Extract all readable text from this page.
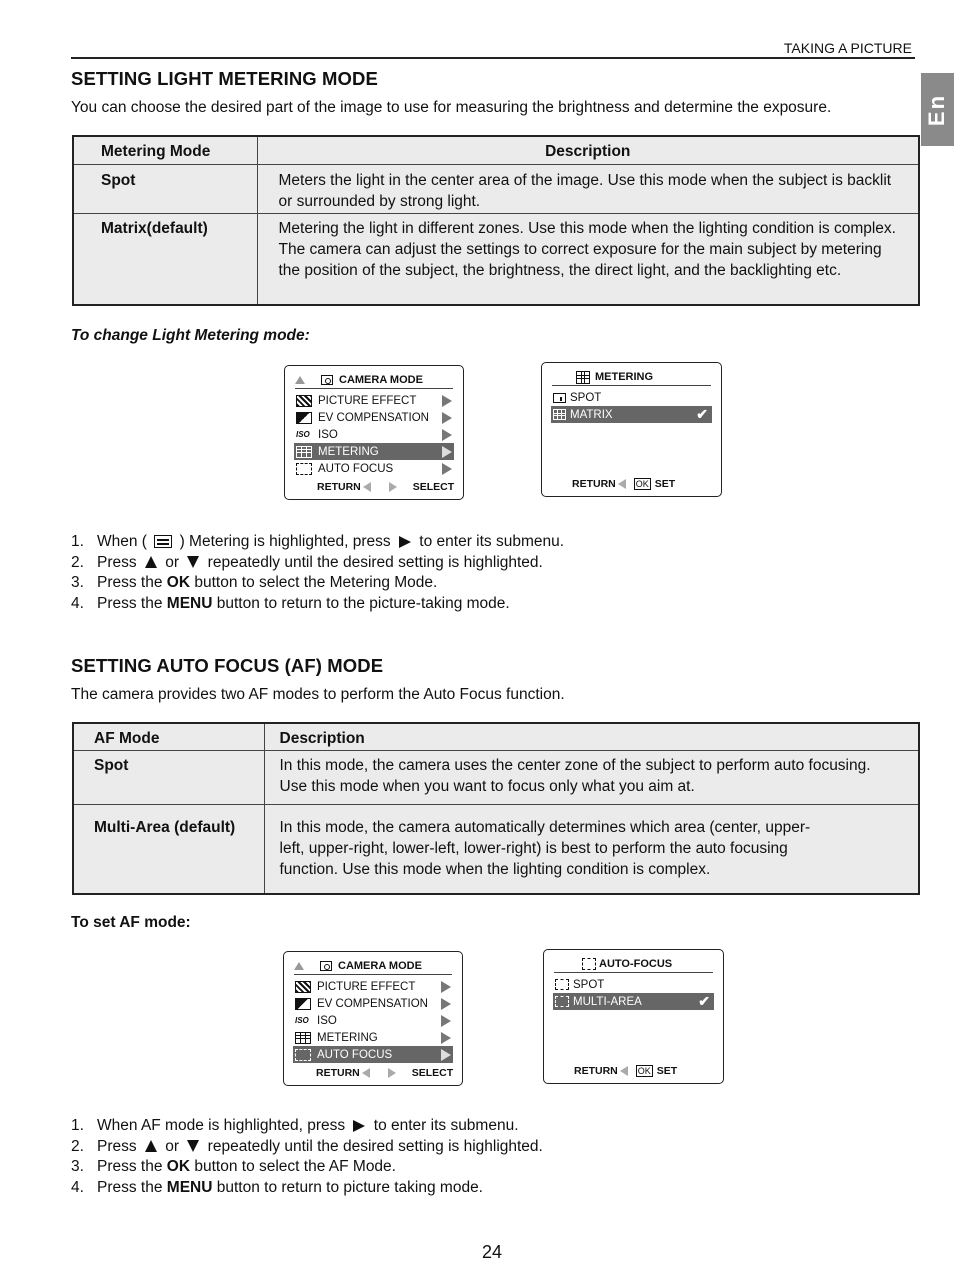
TAKING A PICTURE
En
SETTING LIGHT METERING MODE
You can choose the desired part of the image to use for measuring the brightness and determine the exposure.
Metering Mode	Description
Spot	Meters the light in the center area of the image. Use this mode when the subject is backlit or surrounded by strong light.
Matrix(default)	Metering the light in different zones. Use this mode when the lighting condition is complex. The camera can adjust the settings to correct exposure for the main subject by metering the position of the subject, the brightness, the direct light, and the backlighting etc.
To change Light Metering mode:
CAMERA MODE
PICTURE EFFECT
EV COMPENSATION
ISO ISO
METERING
AUTO FOCUS
RETURN	SELECT
METERING
SPOT
MATRIX	✔
RETURN OK SET
1. When ( ) Metering is highlighted, press to enter its submenu.
2. Press or repeatedly until the desired setting is highlighted.
3. Press the OK button to select the Metering Mode.
4. Press the MENU button to return to the picture-taking mode.
SETTING AUTO FOCUS (AF) MODE
The camera provides two AF modes to perform the Auto Focus function.
AF Mode	Description
Spot	In this mode, the camera uses the center zone of the subject to perform auto focusing. Use this mode when you want to focus only what you aim at.
Multi-Area (default)	In this mode, the camera automatically determines which area (center, upper-left, upper-right, lower-left, lower-right) is best to perform the auto focusing function. Use this mode when the lighting condition is complex.
To set AF mode:
CAMERA MODE
PICTURE EFFECT
EV COMPENSATION
ISO ISO
METERING
AUTO FOCUS
RETURN	SELECT
AUTO-FOCUS
SPOT
MULTI-AREA	✔
RETURN OK SET
1. When AF mode is highlighted, press to enter its submenu.
2. Press or repeatedly until the desired setting is highlighted.
3. Press the OK button to select the AF Mode.
4. Press the MENU button to return to picture taking mode.
24
